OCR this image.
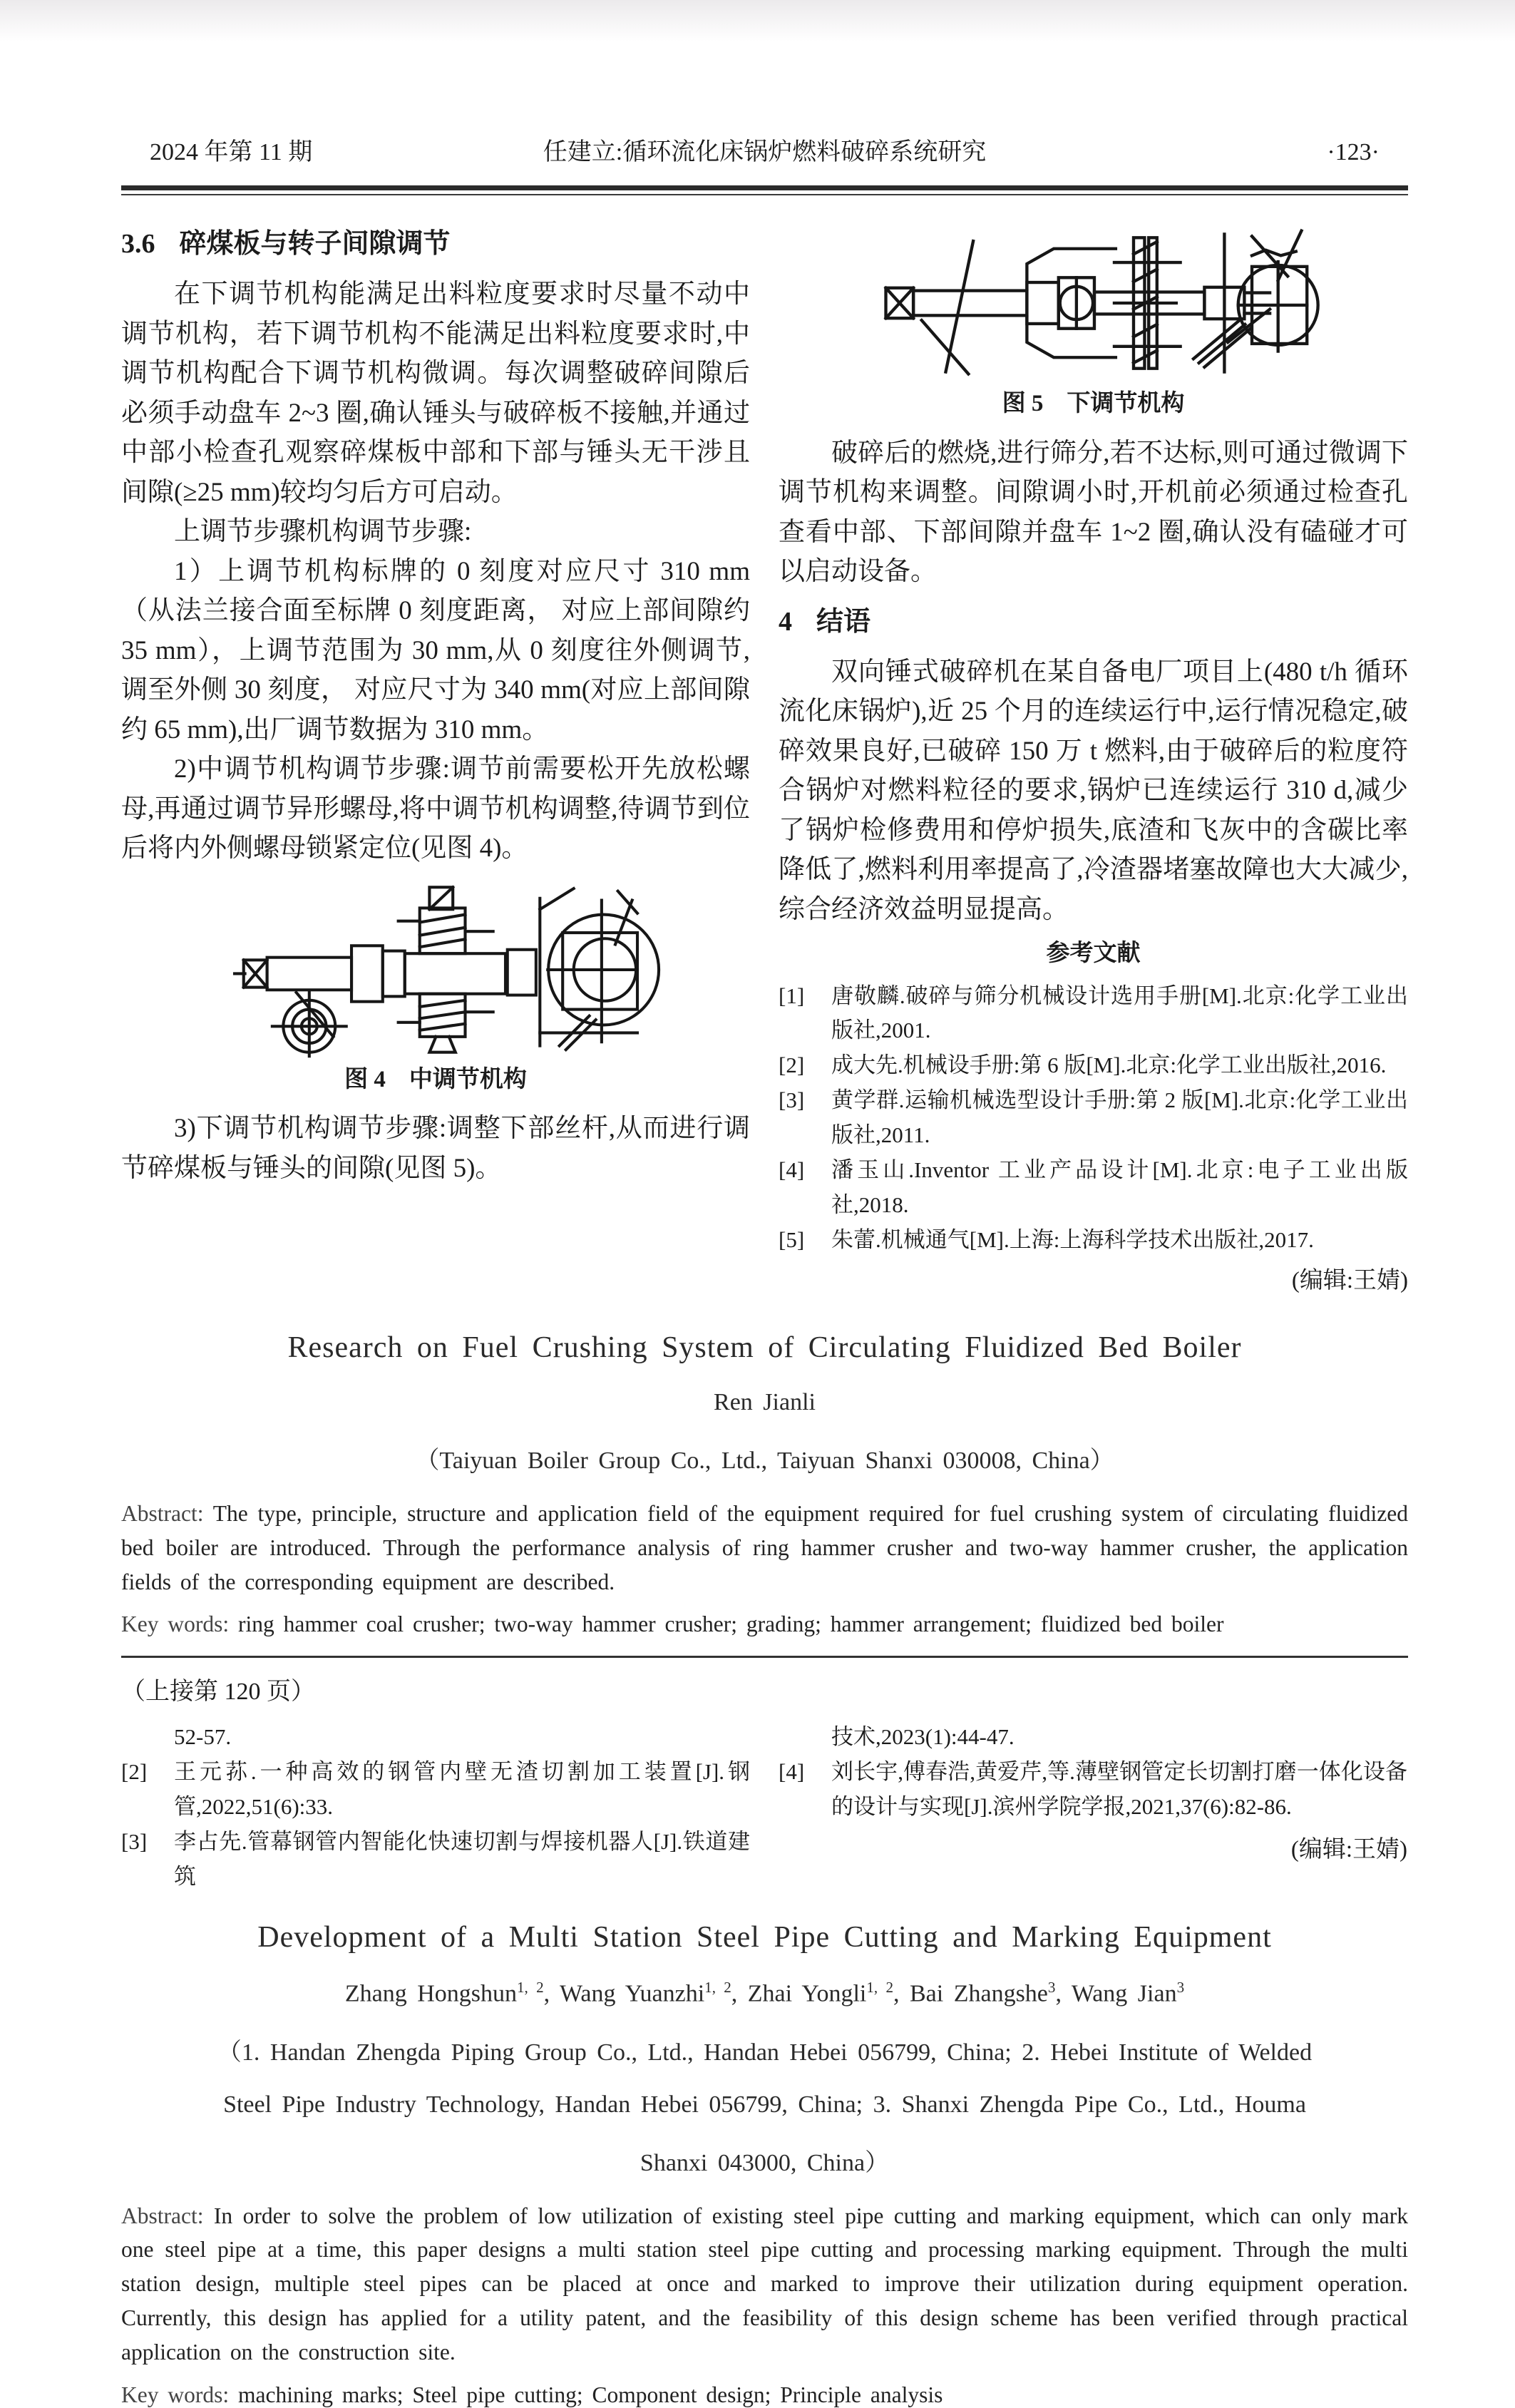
2024 年第 11 期	任建立:循环流化床锅炉燃料破碎系统研究	·123·
3.6 碎煤板与转子间隙调节

在下调节机构能满足出料粒度要求时尽量不动中调节机构，若下调节机构不能满足出料粒度要求时,中调节机构配合下调节机构微调。每次调整破碎间隙后必须手动盘车 2~3 圈,确认锤头与破碎板不接触,并通过中部小检查孔观察碎煤板中部和下部与锤头无干涉且间隙(≥25 mm)较均匀后方可启动。

上调节步骤机构调节步骤:

1）上调节机构标牌的 0 刻度对应尺寸 310 mm（从法兰接合面至标牌 0 刻度距离， 对应上部间隙约 35 mm），上调节范围为 30 mm,从 0 刻度往外侧调节,调至外侧 30 刻度， 对应尺寸为 340 mm(对应上部间隙约 65 mm),出厂调节数据为 310 mm。

2)中调节机构调节步骤:调节前需要松开先放松螺母,再通过调节异形螺母,将中调节机构调整,待调节到位后将内外侧螺母锁紧定位(见图 4)。

图 4　中调节机构

3)下调节机构调节步骤:调整下部丝杆,从而进行调节碎煤板与锤头的间隙(见图 5)。

图 5　下调节机构

破碎后的燃烧,进行筛分,若不达标,则可通过微调下调节机构来调整。间隙调小时,开机前必须通过检查孔查看中部、下部间隙并盘车 1~2 圈,确认没有磕碰才可以启动设备。

4 结语

双向锤式破碎机在某自备电厂项目上(480 t/h 循环流化床锅炉),近 25 个月的连续运行中,运行情况稳定,破碎效果良好,已破碎 150 万 t 燃料,由于破碎后的粒度符合锅炉对燃料粒径的要求,锅炉已连续运行 310 d,减少了锅炉检修费用和停炉损失,底渣和飞灰中的含碳比率降低了,燃料利用率提高了,冷渣器堵塞故障也大大减少,综合经济效益明显提高。

参考文献
[1]	唐敬麟.破碎与筛分机械设计选用手册[M].北京:化学工业出版社,2001.
[2]	成大先.机械设手册:第 6 版[M].北京:化学工业出版社,2016.
[3]	黄学群.运输机械选型设计手册:第 2 版[M].北京:化学工业出版社,2011.
[4]	潘玉山.Inventor 工业产品设计[M].北京:电子工业出版社,2018.
[5]	朱蕾.机械通气[M].上海:上海科学技术出版社,2017.
(编辑:王婧)
Research on Fuel Crushing System of Circulating Fluidized Bed Boiler
Ren Jianli
（Taiyuan Boiler Group Co., Ltd., Taiyuan Shanxi 030008, China）
Abstract: The type, principle, structure and application field of the equipment required for fuel crushing system of circulating fluidized bed boiler are introduced. Through the performance analysis of ring hammer crusher and two-way hammer crusher, the application fields of the corresponding equipment are described.
Key words: ring hammer coal crusher; two-way hammer crusher; grading; hammer arrangement; fluidized bed boiler
（上接第 120 页）
52-57.
[2]	王元荪.一种高效的钢管内壁无渣切割加工装置[J].钢管,2022,51(6):33.
[3]	李占先.管幕钢管内智能化快速切割与焊接机器人[J].铁道建筑
技术,2023(1):44-47.
[4]	刘长宇,傅春浩,黄爱芹,等.薄壁钢管定长切割打磨一体化设备的设计与实现[J].滨州学院学报,2021,37(6):82-86.
(编辑:王婧)
Development of a Multi Station Steel Pipe Cutting and Marking Equipment
Zhang Hongshun$^{1, 2}$, Wang Yuanzhi$^{1, 2}$, Zhai Yongli$^{1, 2}$, Bai Zhangshe$^3$, Wang Jian$^3$
（1. Handan Zhengda Piping Group Co., Ltd., Handan Hebei 056799, China; 2. Hebei Institute of Welded
Steel Pipe Industry Technology, Handan Hebei 056799, China; 3. Shanxi Zhengda Pipe Co., Ltd., Houma
Shanxi 043000, China）
Abstract: In order to solve the problem of low utilization of existing steel pipe cutting and marking equipment, which can only mark one steel pipe at a time, this paper designs a multi station steel pipe cutting and processing marking equipment. Through the multi station design, multiple steel pipes can be placed at once and marked to improve their utilization during equipment operation. Currently, this design has applied for a utility patent, and the feasibility of this design scheme has been verified through practical application on the construction site.
Key words: machining marks; Steel pipe cutting; Component design; Principle analysis
